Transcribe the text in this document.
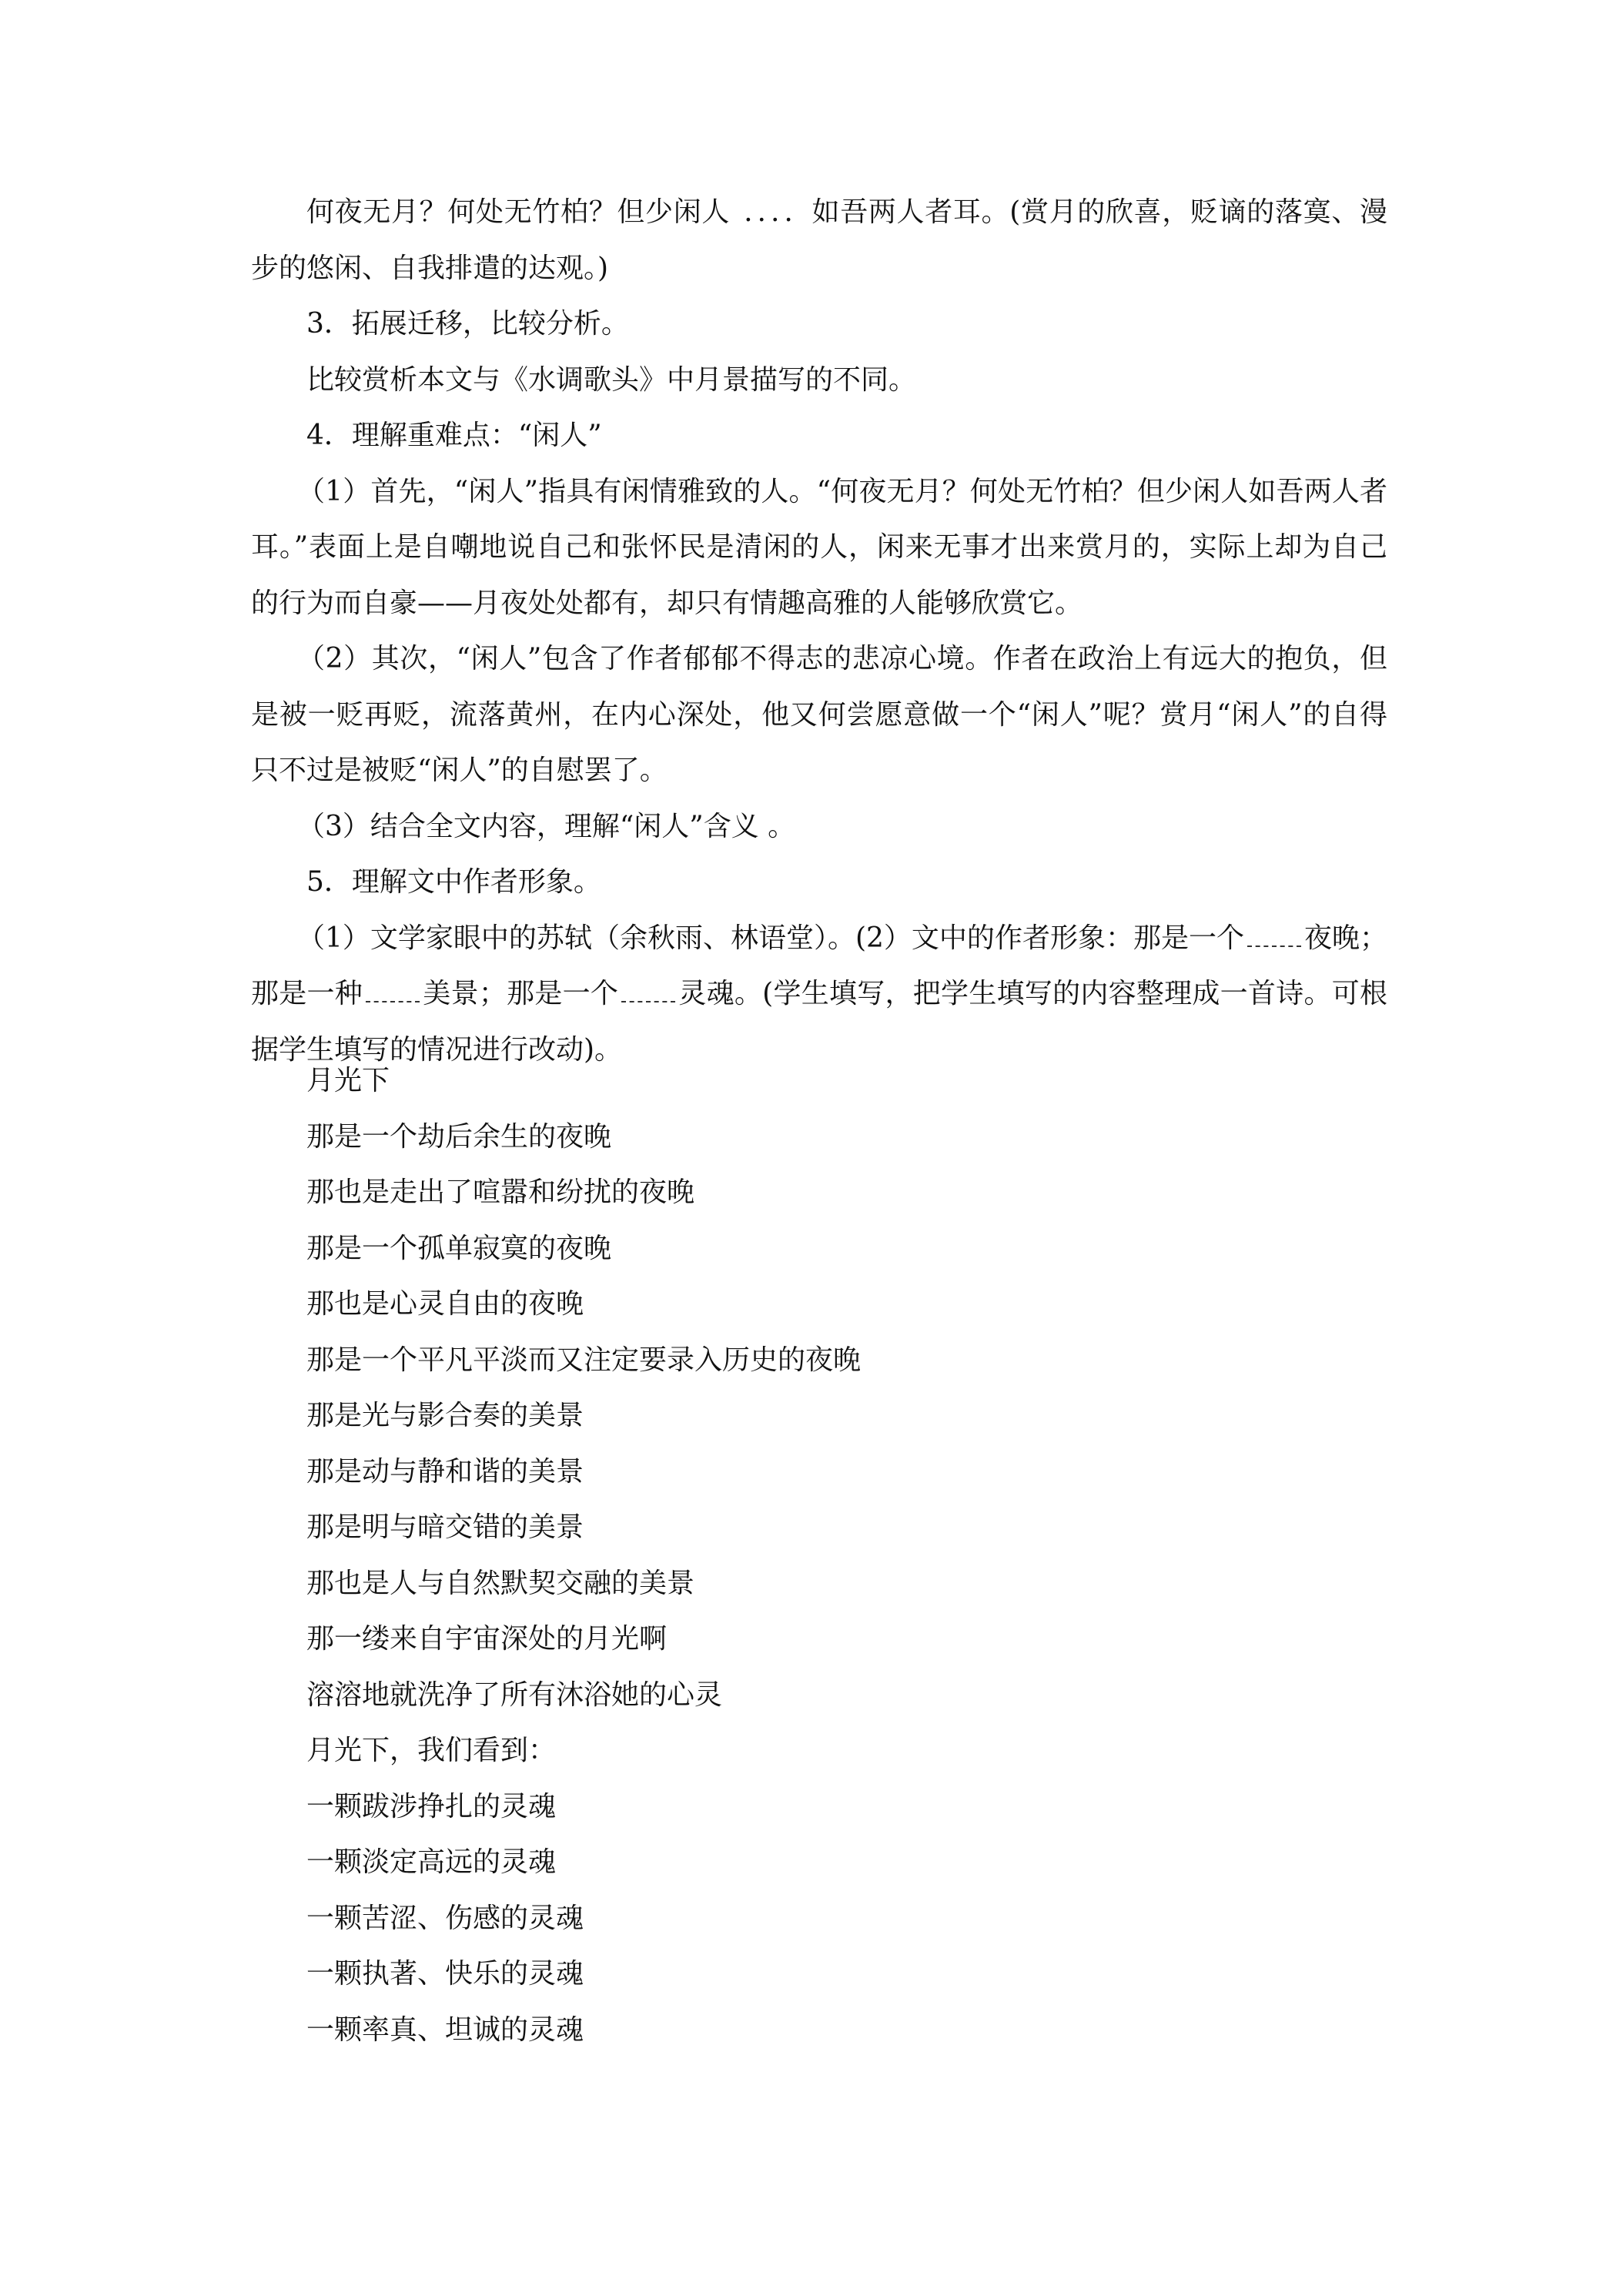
何夜无月？何处无竹柏？但少闲人 .... 如吾两人者耳。(赏月的欣喜，贬谪的落寞、漫步的悠闲、自我排遣的达观。)

3．拓展迁移，比较分析。

比较赏析本文与《水调歌头》中月景描写的不同。

4．理解重难点：“闲人”

（1）首先，“闲人”指具有闲情雅致的人。“何夜无月？何处无竹柏？但少闲人如吾两人者耳。”表面上是自嘲地说自己和张怀民是清闲的人，闲来无事才出来赏月的，实际上却为自己的行为而自豪——月夜处处都有，却只有情趣高雅的人能够欣赏它。

（2）其次，“闲人”包含了作者郁郁不得志的悲凉心境。作者在政治上有远大的抱负，但是被一贬再贬，流落黄州，在内心深处，他又何尝愿意做一个“闲人”呢？赏月“闲人”的自得只不过是被贬“闲人”的自慰罢了。

（3）结合全文内容，理解“闲人”含义 。

5．理解文中作者形象。

（1）文学家眼中的苏轼（余秋雨、林语堂）。(2）文中的作者形象：那是一个 夜晚；那是一种 美景；那是一个 灵魂。(学生填写，把学生填写的内容整理成一首诗。可根据学生填写的情况进行改动)。

月光下

那是一个劫后余生的夜晚

那也是走出了喧嚣和纷扰的夜晚

那是一个孤单寂寞的夜晚

那也是心灵自由的夜晚

那是一个平凡平淡而又注定要录入历史的夜晚

那是光与影合奏的美景

那是动与静和谐的美景

那是明与暗交错的美景

那也是人与自然默契交融的美景

那一缕来自宇宙深处的月光啊

溶溶地就洗净了所有沐浴她的心灵

月光下，我们看到：

一颗跋涉挣扎的灵魂

一颗淡定高远的灵魂

一颗苦涩、伤感的灵魂

一颗执著、快乐的灵魂

一颗率真、坦诚的灵魂
